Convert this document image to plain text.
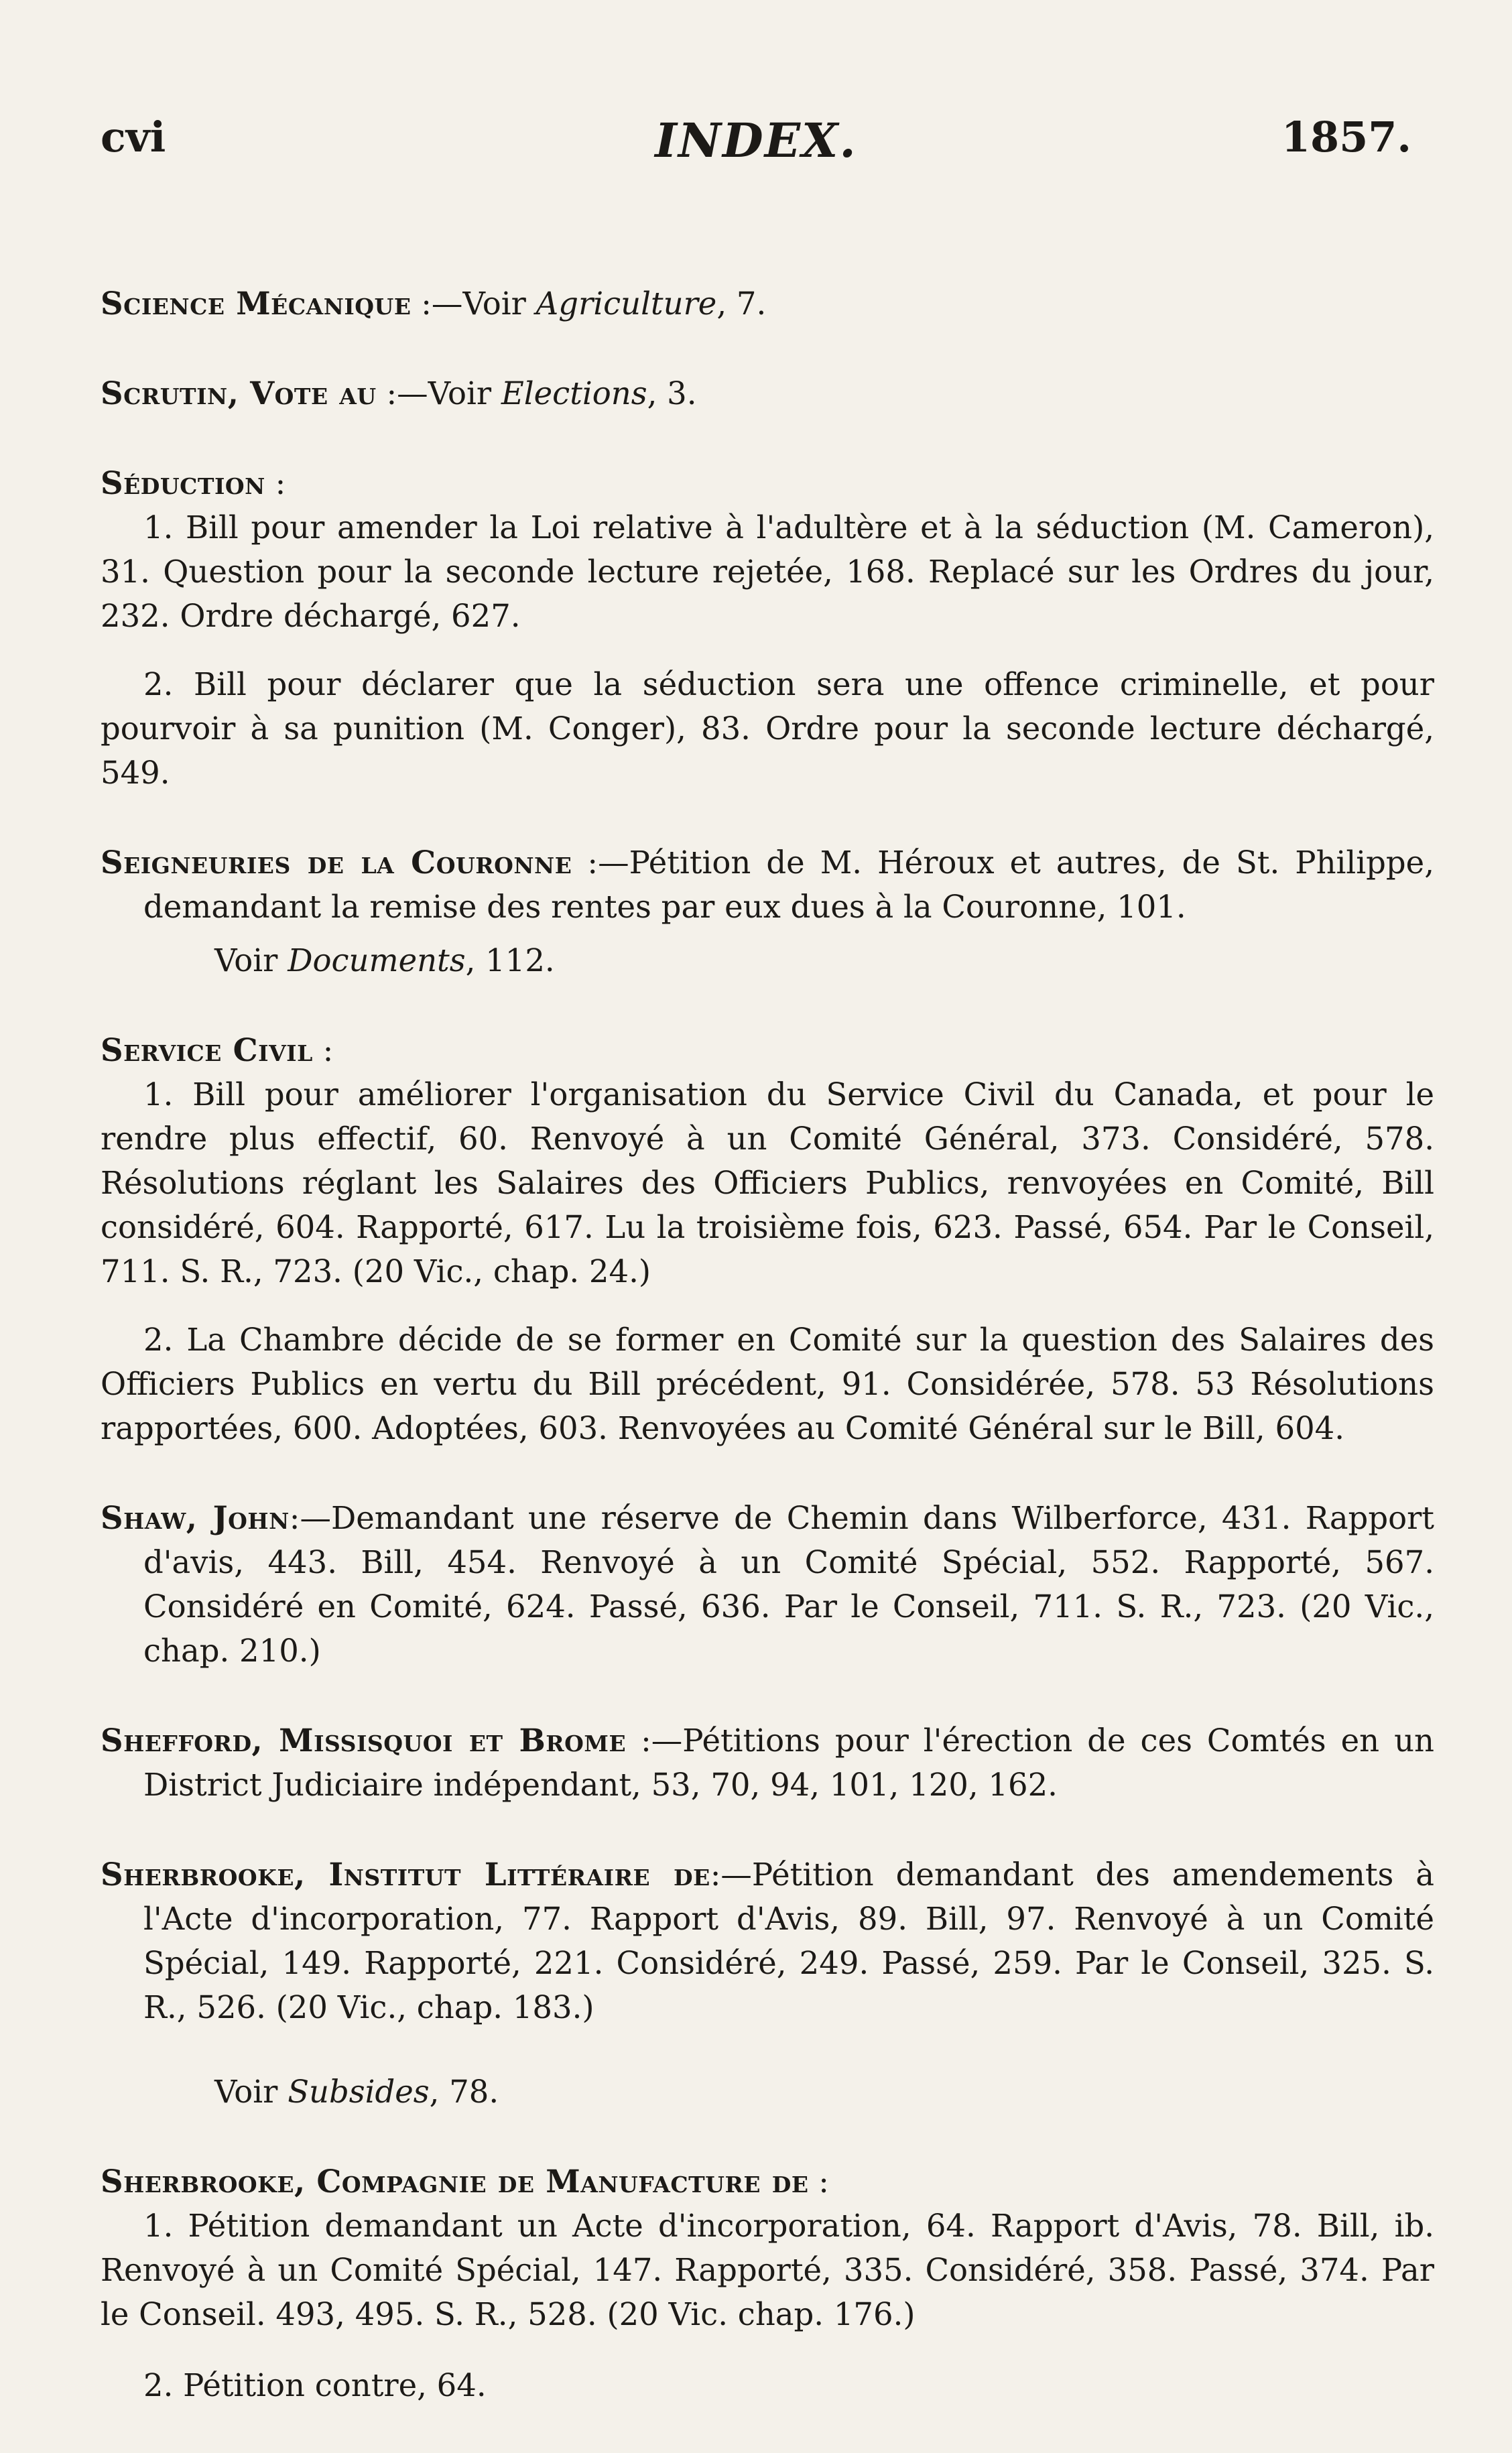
cvi	INDEX.	1857.
Science Mécanique :—Voir Agriculture, 7.
Scrutin, Vote au :—Voir Elections, 3.
Séduction :
1. Bill pour amender la Loi relative à l'adultère et à la séduction (M. Cameron), 31. Question pour la seconde lecture rejetée, 168. Replacé sur les Ordres du jour, 232. Ordre déchargé, 627.
2. Bill pour déclarer que la séduction sera une offence criminelle, et pour pourvoir à sa punition (M. Conger), 83. Ordre pour la seconde lecture déchargé, 549.
Seigneuries de la Couronne :—Pétition de M. Héroux et autres, de St. Philippe, demandant la remise des rentes par eux dues à la Couronne, 101.
Voir Documents, 112.
Service Civil :
1. Bill pour améliorer l'organisation du Service Civil du Canada, et pour le rendre plus effectif, 60. Renvoyé à un Comité Général, 373. Considéré, 578. Résolutions réglant les Salaires des Officiers Publics, renvoyées en Comité, Bill considéré, 604. Rapporté, 617. Lu la troisième fois, 623. Passé, 654. Par le Conseil, 711. S. R., 723. (20 Vic., chap. 24.)
2. La Chambre décide de se former en Comité sur la question des Salaires des Officiers Publics en vertu du Bill précédent, 91. Considérée, 578. 53 Résolutions rapportées, 600. Adoptées, 603. Renvoyées au Comité Général sur le Bill, 604.
Shaw, John:—Demandant une réserve de Chemin dans Wilberforce, 431. Rapport d'avis, 443. Bill, 454. Renvoyé à un Comité Spécial, 552. Rapporté, 567. Considéré en Comité, 624. Passé, 636. Par le Conseil, 711. S. R., 723. (20 Vic., chap. 210.)
Shefford, Missisquoi et Brome :—Pétitions pour l'érection de ces Comtés en un District Judiciaire indépendant, 53, 70, 94, 101, 120, 162.
Sherbrooke, Institut Littéraire de:—Pétition demandant des amendements à l'Acte d'incorporation, 77. Rapport d'Avis, 89. Bill, 97. Renvoyé à un Comité Spécial, 149. Rapporté, 221. Considéré, 249. Passé, 259. Par le Conseil, 325. S. R., 526. (20 Vic., chap. 183.)
Voir Subsides, 78.
Sherbrooke, Compagnie de Manufacture de :
1. Pétition demandant un Acte d'incorporation, 64. Rapport d'Avis, 78. Bill, ib. Renvoyé à un Comité Spécial, 147. Rapporté, 335. Considéré, 358. Passé, 374. Par le Conseil. 493, 495. S. R., 528. (20 Vic. chap. 176.)
2. Pétition contre, 64.
